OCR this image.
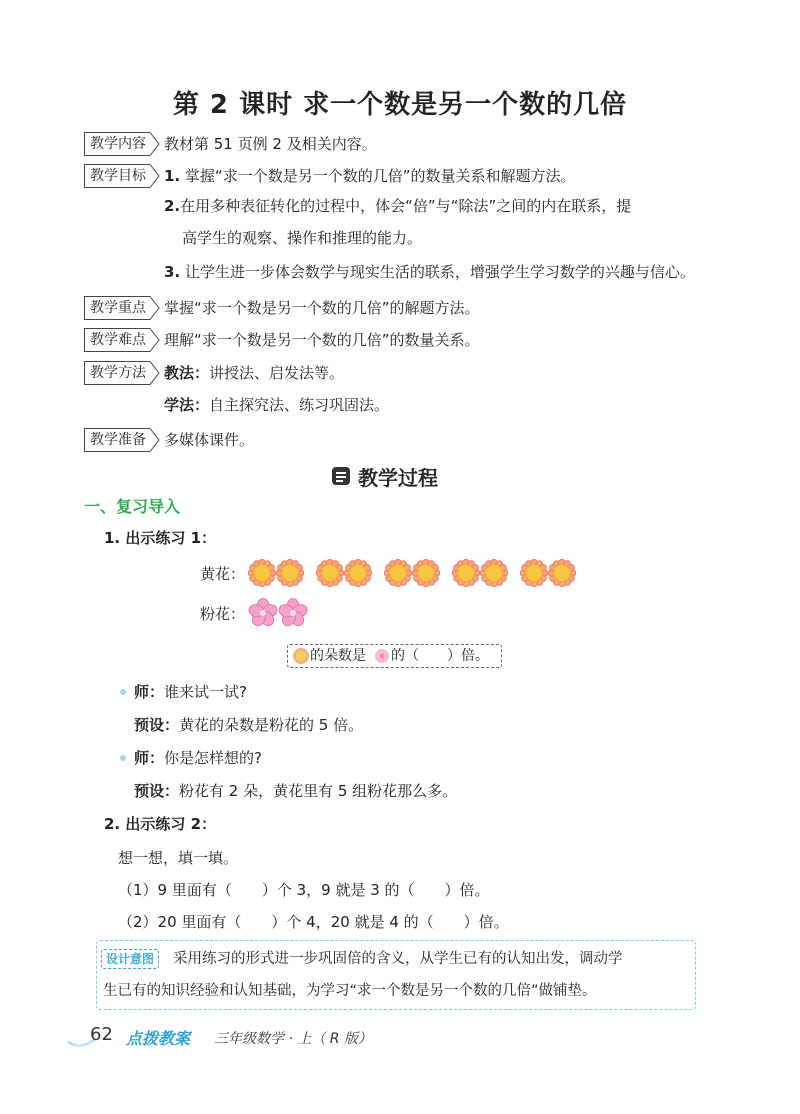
第 2 课时 求一个数是另一个数的几倍
教学内容 教材第 51 页例 2 及相关内容。
教学目标 1. 掌握“求一个数是另一个数的几倍”的数量关系和解题方法。
2.在用多种表征转化的过程中，体会“倍”与“除法”之间的内在联系，提
高学生的观察、操作和推理的能力。
3. 让学生进一步体会数学与现实生活的联系，增强学生学习数学的兴趣与信心。
教学重点 掌握“求一个数是另一个数的几倍”的解题方法。
教学难点 理解“求一个数是另一个数的几倍”的数量关系。
教学方法 教法：讲授法、启发法等。
学法：自主探究法、练习巩固法。
教学准备 多媒体课件。
教学过程
一、复习导入
1. 出示练习 1：
黄花：
粉花：
的朵数是 的（　　）倍。
师：谁来试一试?
预设：黄花的朵数是粉花的 5 倍。
师：你是怎样想的?
预设：粉花有 2 朵，黄花里有 5 组粉花那么多。
2. 出示练习 2：
想一想，填一填。
（1）9 里面有（　　）个 3，9 就是 3 的（　　）倍。
（2）20 里面有（　　）个 4，20 就是 4 的（　　）倍。
设计意图	采用练习的形式进一步巩固倍的含义，从学生已有的认知出发，调动学
生已有的知识经验和认知基础，为学习“求一个数是另一个数的几倍”做铺垫。
62 点拨教案 三年级数学 · 上（ R 版）
